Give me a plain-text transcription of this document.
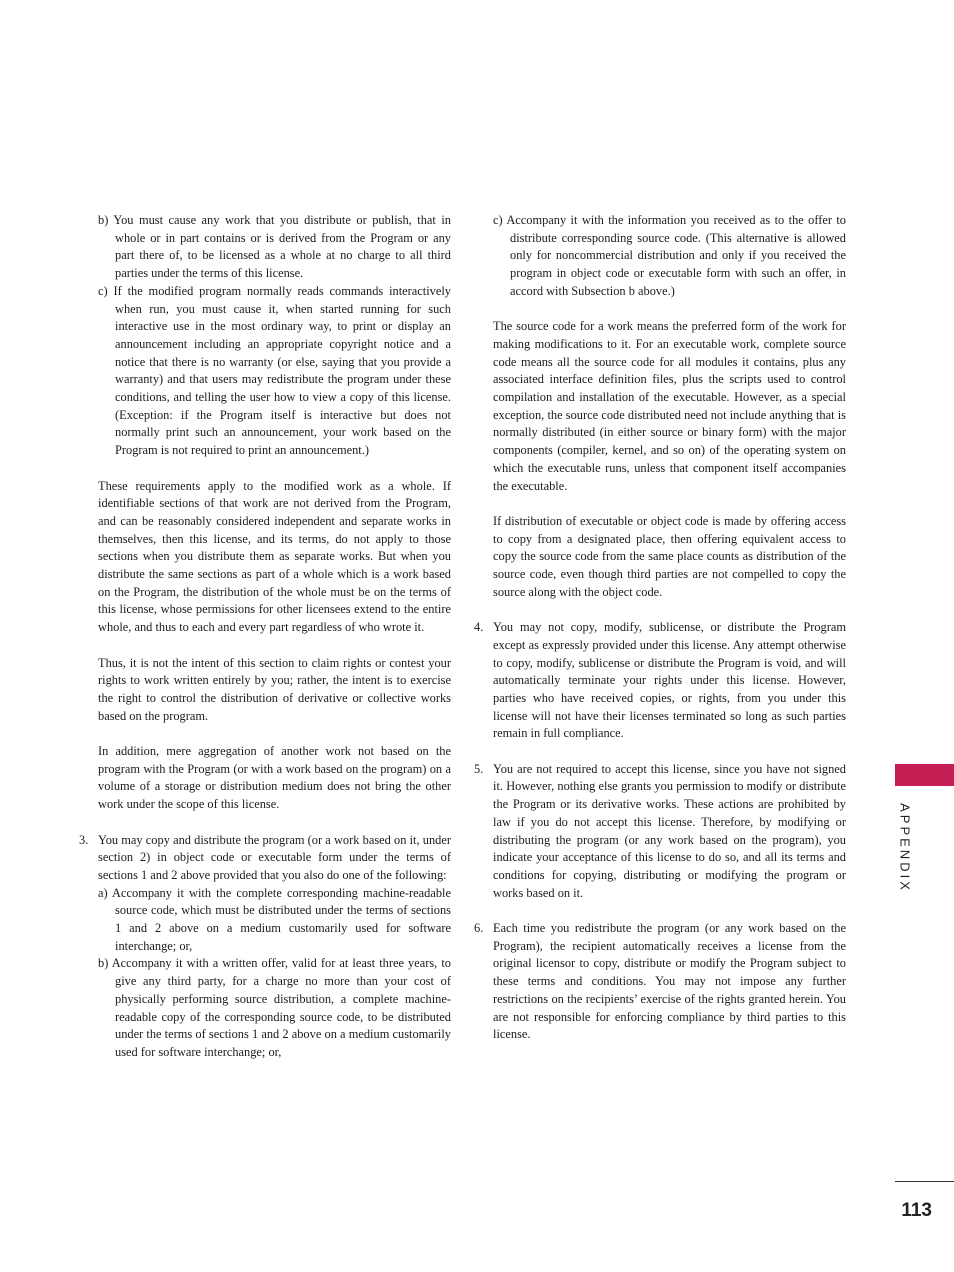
b) You must cause any work that you distribute or publish, that in whole or in part contains or is derived from the Program or any part there of, to be licensed as a whole at no charge to all third parties under the terms of this license.

c) If the modified program normally reads commands interactively when run, you must cause it, when started running for such interactive use in the most ordinary way, to print or display an announcement including an appropriate copyright notice and a notice that there is no warranty (or else, saying that you provide a warranty) and that users may redistribute the program under these conditions, and telling the user how to view a copy of this license. (Exception: if the Program itself is interactive but does not normally print such an announcement, your work based on the Program is not required to print an announcement.)

These requirements apply to the modified work as a whole. If identifiable sections of that work are not derived from the Program, and can be reasonably considered independent and separate works in themselves, then this license, and its terms, do not apply to those sections when you distribute them as separate works. But when you distribute the same sections as part of a whole which is a work based on the Program, the distribution of the whole must be on the terms of this license, whose permissions for other licensees extend to the entire whole, and thus to each and every part regardless of who wrote it.

Thus, it is not the intent of this section to claim rights or contest your rights to work written entirely by you; rather, the intent is to exercise the right to control the distribution of derivative or collective works based on the program.

In addition, mere aggregation of another work not based on the program with the Program (or with a work based on the program) on a volume of a storage or distribution medium does not bring the other work under the scope of this license.

3. You may copy and distribute the program (or a work based on it, under section 2) in object code or executable form under the terms of sections 1 and 2 above provided that you also do one of the following:

a) Accompany it with the complete corresponding machine-readable source code, which must be distributed under the terms of sections 1 and 2 above on a medium customarily used for software interchange; or,

b) Accompany it with a written offer, valid for at least three years, to give any third party, for a charge no more than your cost of physically performing source distribution, a complete machine-readable copy of the corresponding source code, to be distributed under the terms of sections 1 and 2 above on a medium customarily used for software interchange; or,

c) Accompany it with the information you received as to the offer to distribute corresponding source code. (This alternative is allowed only for noncommercial distribution and only if you received the program in object code or executable form with such an offer, in accord with Subsection b above.)

The source code for a work means the preferred form of the work for making modifications to it. For an executable work, complete source code means all the source code for all modules it contains, plus any associated interface definition files, plus the scripts used to control compilation and installation of the executable. However, as a special exception, the source code distributed need not include anything that is normally distributed (in either source or binary form) with the major components (compiler, kernel, and so on) of the operating system on which the executable runs, unless that component itself accompanies the executable.

If distribution of executable or object code is made by offering access to copy from a designated place, then offering equivalent access to copy the source code from the same place counts as distribution of the source code, even though third parties are not compelled to copy the source along with the object code.

4. You may not copy, modify, sublicense, or distribute the Program except as expressly provided under this license. Any attempt otherwise to copy, modify, sublicense or distribute the Program is void, and will automatically terminate your rights under this license. However, parties who have received copies, or rights, from you under this license will not have their licenses terminated so long as such parties remain in full compliance.

5. You are not required to accept this license, since you have not signed it. However, nothing else grants you permission to modify or distribute the Program or its derivative works. These actions are prohibited by law if you do not accept this license. Therefore, by modifying or distributing the program (or any work based on the program), you indicate your acceptance of this license to do so, and all its terms and conditions for copying, distributing or modifying the program or works based on it.

6. Each time you redistribute the program (or any work based on the Program), the recipient automatically receives a license from the original licensor to copy, distribute or modify the Program subject to these terms and conditions. You may not impose any further restrictions on the recipients’ exercise of the rights granted herein. You are not responsible for enforcing compliance by third parties to this license.

APPENDIX
113
